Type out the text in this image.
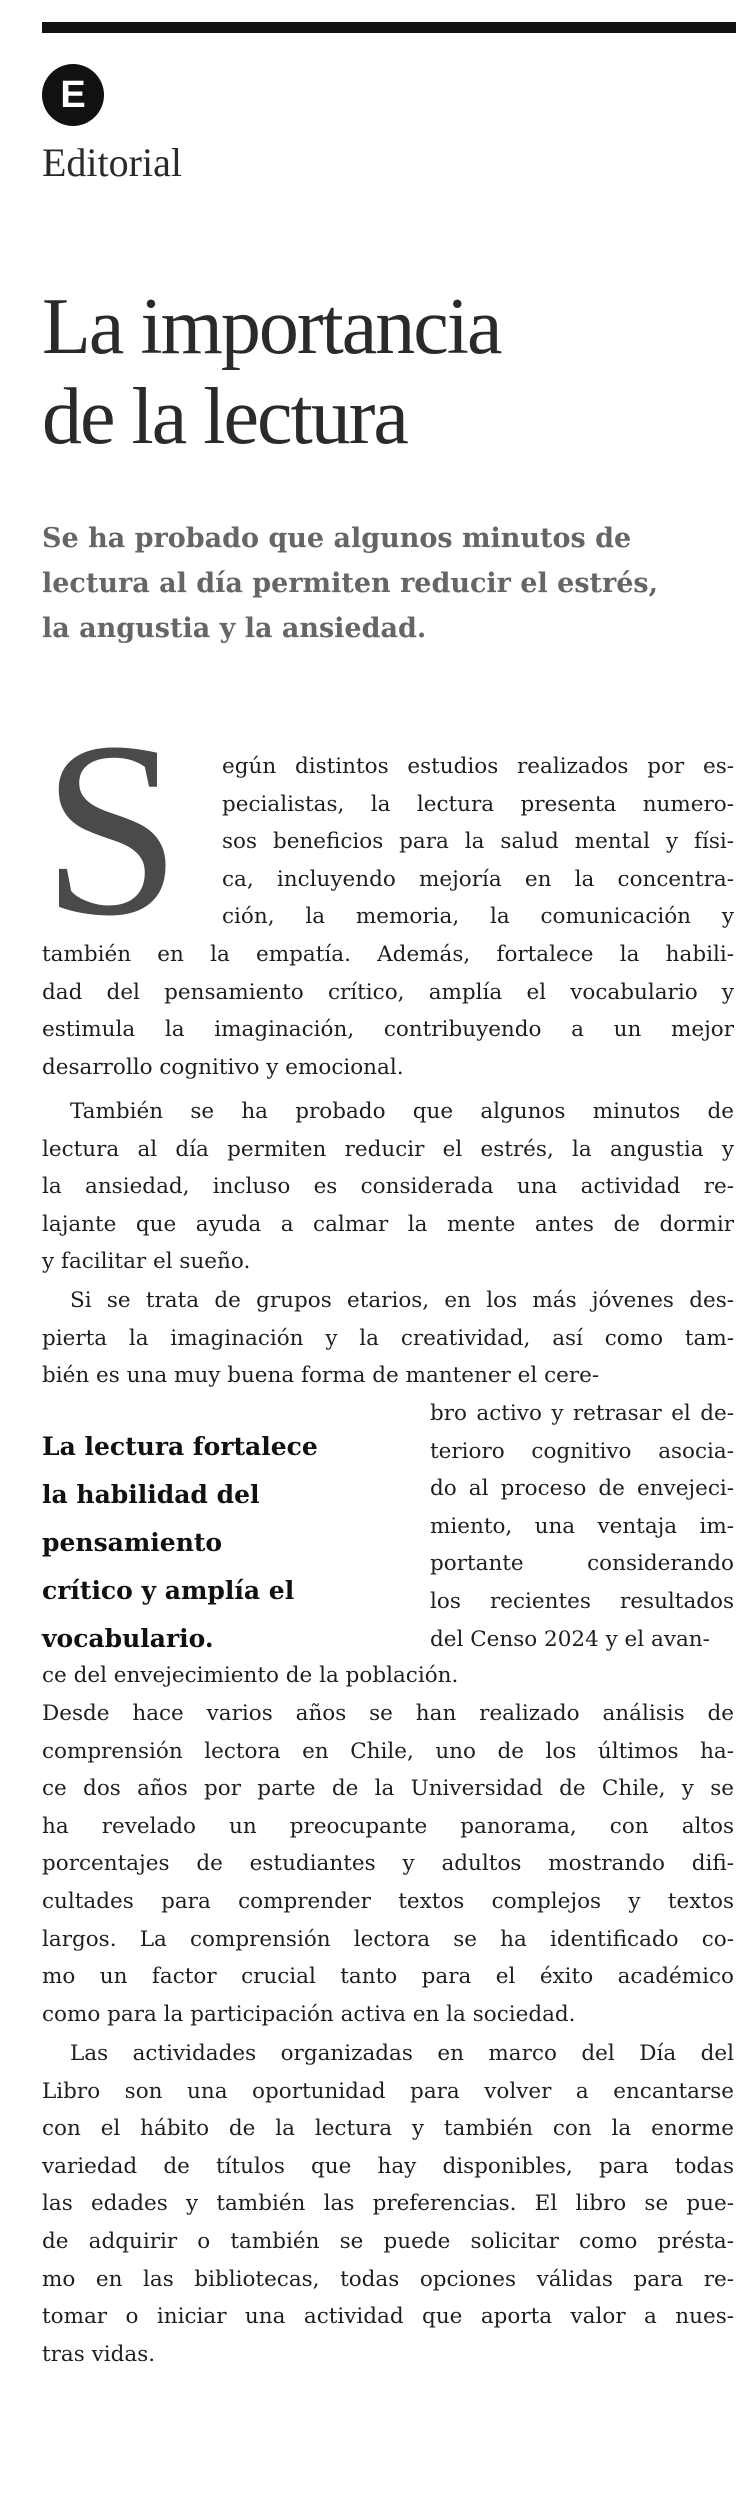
E
Editorial
La importancia
de la lectura
Se ha probado que algunos minutos de
lectura al día permiten reducir el estrés,
la angustia y la ansiedad.
S
La lectura fortalece
la habilidad del
pensamiento
crítico y amplía el
vocabulario.
egún distintos estudios realizados por es-
pecialistas, la lectura presenta numero-
sos beneficios para la salud mental y físi-
ca, incluyendo mejoría en la concentra-
ción, la memoria, la comunicación y
también en la empatía. Además, fortalece la habili-
dad del pensamiento crítico, amplía el vocabulario y
estimula la imaginación, contribuyendo a un mejor
desarrollo cognitivo y emocional.
También se ha probado que algunos minutos de
lectura al día permiten reducir el estrés, la angustia y
la ansiedad, incluso es considerada una actividad re-
lajante que ayuda a calmar la mente antes de dormir
y facilitar el sueño.
Si se trata de grupos etarios, en los más jóvenes des-
pierta la imaginación y la creatividad, así como tam-
bién es una muy buena forma de mantener el cere-
bro activo y retrasar el de-
terioro cognitivo asocia-
do al proceso de envejeci-
miento, una ventaja im-
portante considerando
los recientes resultados
del Censo 2024 y el avan-
ce del envejecimiento de la población.
Desde hace varios años se han realizado análisis de
comprensión lectora en Chile, uno de los últimos ha-
ce dos años por parte de la Universidad de Chile, y se
ha revelado un preocupante panorama, con altos
porcentajes de estudiantes y adultos mostrando difi-
cultades para comprender textos complejos y textos
largos. La comprensión lectora se ha identificado co-
mo un factor crucial tanto para el éxito académico
como para la participación activa en la sociedad.
Las actividades organizadas en marco del Día del
Libro son una oportunidad para volver a encantarse
con el hábito de la lectura y también con la enorme
variedad de títulos que hay disponibles, para todas
las edades y también las preferencias. El libro se pue-
de adquirir o también se puede solicitar como présta-
mo en las bibliotecas, todas opciones válidas para re-
tomar o iniciar una actividad que aporta valor a nues-
tras vidas.
